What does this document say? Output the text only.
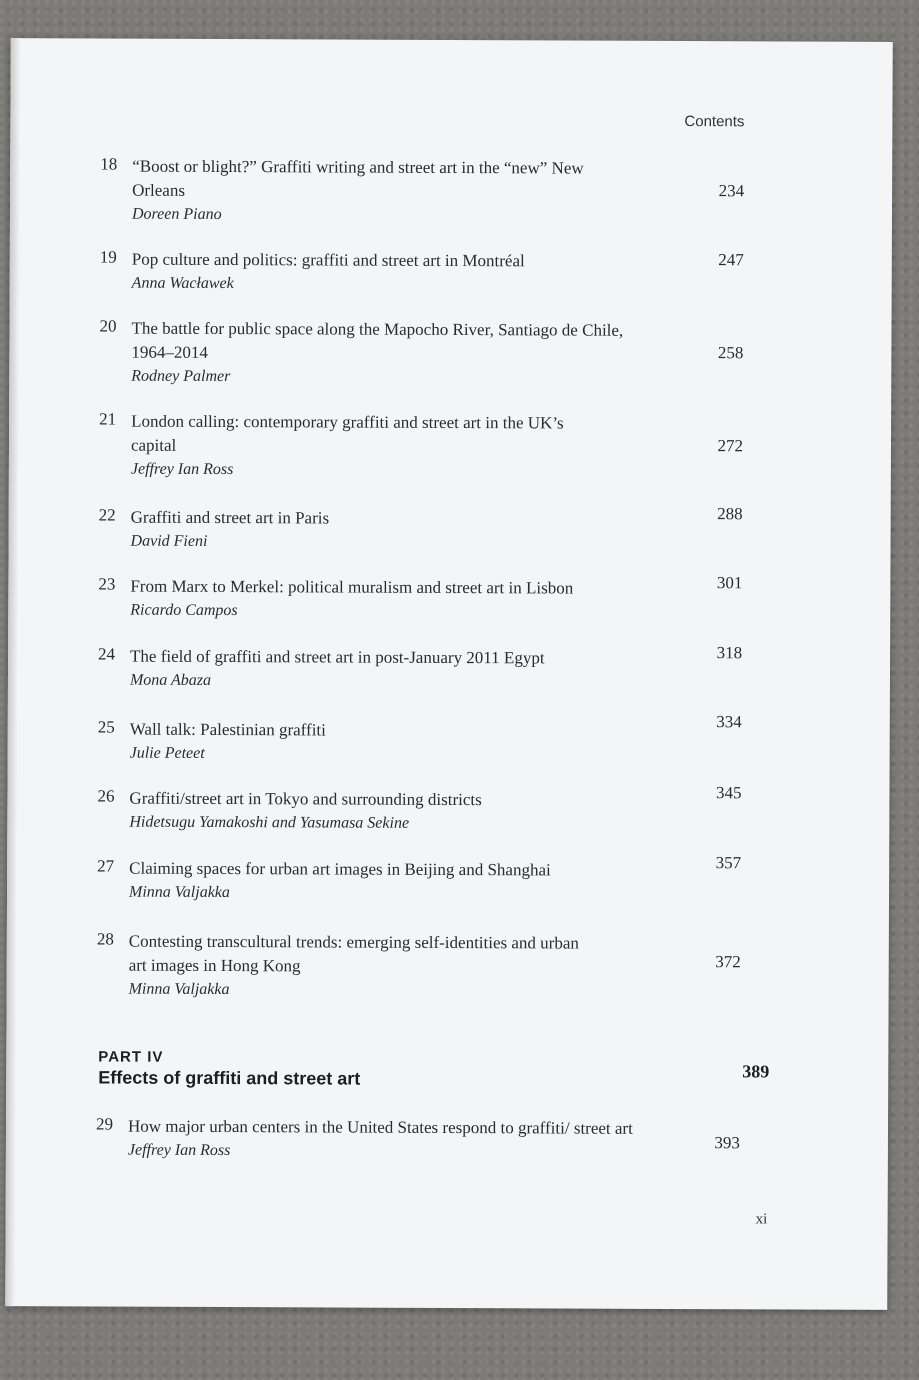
Contents
18 “Boost or blight?” Graffiti writing and street art in the “new” New Orleans
Doreen Piano
234
19 Pop culture and politics: graffiti and street art in Montréal
Anna Wacławek
247
20 The battle for public space along the Mapocho River, Santiago de Chile, 1964–2014
Rodney Palmer
258
21 London calling: contemporary graffiti and street art in the UK’s capital
Jeffrey Ian Ross
272
22 Graffiti and street art in Paris
David Fieni
288
23 From Marx to Merkel: political muralism and street art in Lisbon
Ricardo Campos
301
24 The field of graffiti and street art in post-January 2011 Egypt
Mona Abaza
318
25 Wall talk: Palestinian graffiti
Julie Peteet
334
26 Graffiti/street art in Tokyo and surrounding districts
Hidetsugu Yamakoshi and Yasumasa Sekine
345
27 Claiming spaces for urban art images in Beijing and Shanghai
Minna Valjakka
357
28 Contesting transcultural trends: emerging self-identities and urban art images in Hong Kong
Minna Valjakka
372
PART IV
Effects of graffiti and street art	389
29 How major urban centers in the United States respond to graffiti/ street art
Jeffrey Ian Ross	393
xi
